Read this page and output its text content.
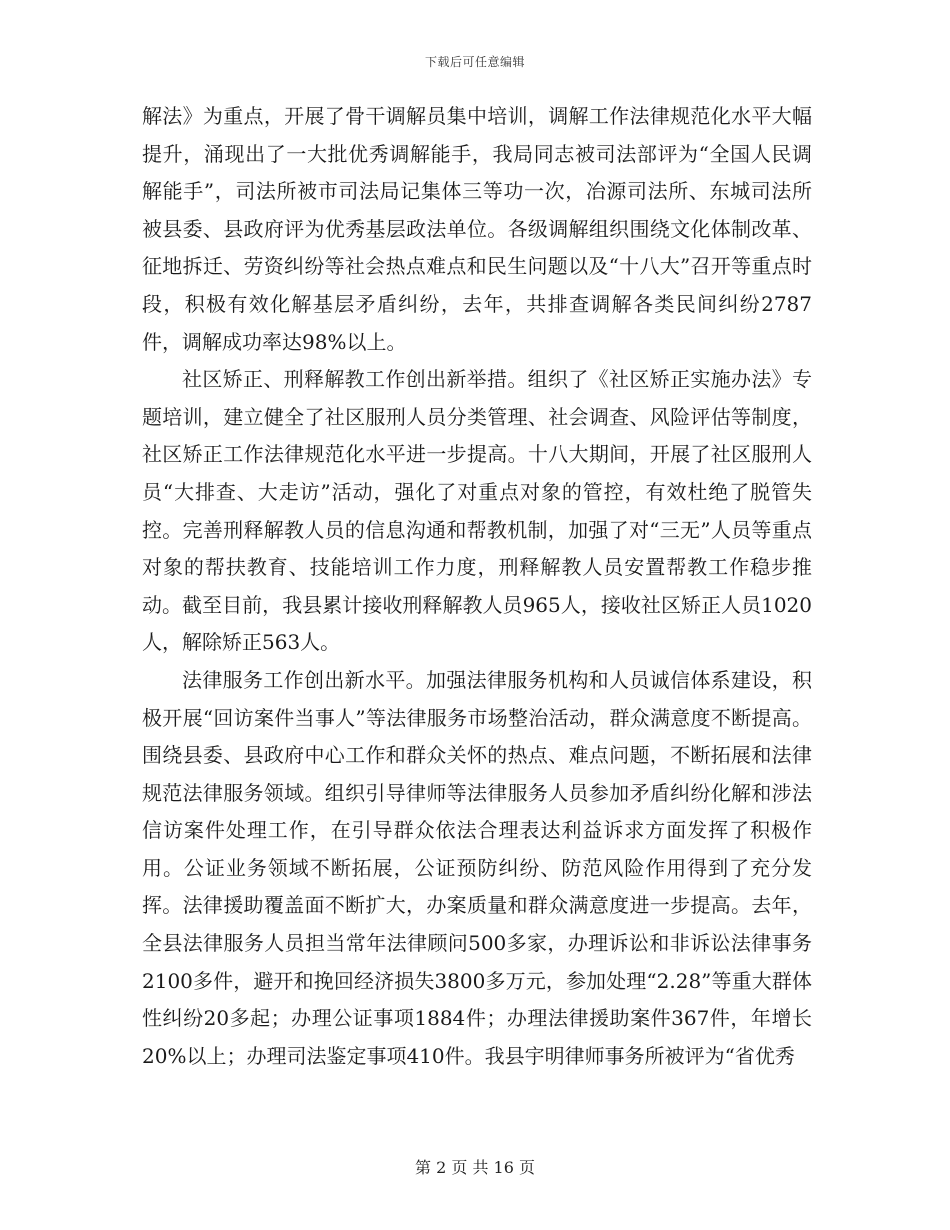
下载后可任意编辑

解法》为重点，开展了骨干调解员集中培训，调解工作法律规范化水平大幅提升，涌现出了一大批优秀调解能手，我局同志被司法部评为“全国人民调解能手”，司法所被市司法局记集体三等功一次，冶源司法所、东城司法所被县委、县政府评为优秀基层政法单位。各级调解组织围绕文化体制改革、征地拆迁、劳资纠纷等社会热点难点和民生问题以及“十八大”召开等重点时段，积极有效化解基层矛盾纠纷，去年，共排查调解各类民间纠纷2787件，调解成功率达98%以上。

社区矫正、刑释解教工作创出新举措。组织了《社区矫正实施办法》专题培训，建立健全了社区服刑人员分类管理、社会调查、风险评估等制度，社区矫正工作法律规范化水平进一步提高。十八大期间，开展了社区服刑人员“大排查、大走访”活动，强化了对重点对象的管控，有效杜绝了脱管失控。完善刑释解教人员的信息沟通和帮教机制，加强了对“三无”人员等重点对象的帮扶教育、技能培训工作力度，刑释解教人员安置帮教工作稳步推动。截至目前，我县累计接收刑释解教人员965人，接收社区矫正人员1020人，解除矫正563人。

法律服务工作创出新水平。加强法律服务机构和人员诚信体系建设，积极开展“回访案件当事人”等法律服务市场整治活动，群众满意度不断提高。围绕县委、县政府中心工作和群众关怀的热点、难点问题，不断拓展和法律规范法律服务领域。组织引导律师等法律服务人员参加矛盾纠纷化解和涉法信访案件处理工作，在引导群众依法合理表达利益诉求方面发挥了积极作用。公证业务领域不断拓展，公证预防纠纷、防范风险作用得到了充分发挥。法律援助覆盖面不断扩大，办案质量和群众满意度进一步提高。去年，全县法律服务人员担当常年法律顾问500多家，办理诉讼和非诉讼法律事务2100多件，避开和挽回经济损失3800多万元，参加处理“2.28”等重大群体性纠纷20多起；办理公证事项1884件；办理法律援助案件367件，年增长20%以上；办理司法鉴定事项410件。我县宇明律师事务所被评为“省优秀

第 2 页 共 16 页
